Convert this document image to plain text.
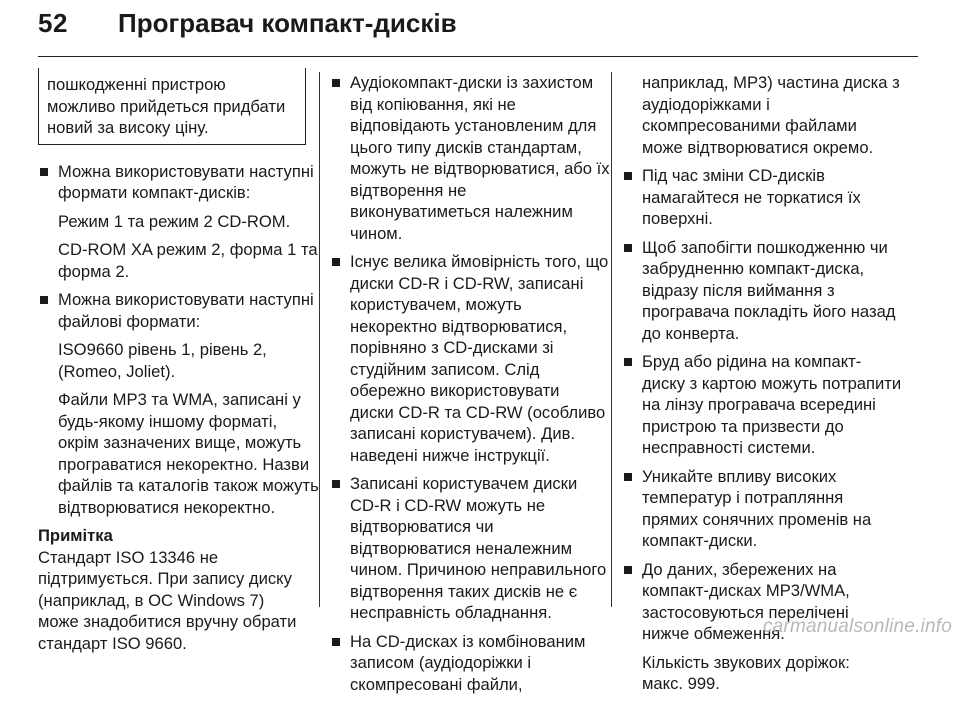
52 Програвач компакт-дисків
пошкодженні пристрою
можливо прийдеться придбати
новий за високу ціну.
Можна використовувати наступні
формати компакт-дисків:
Режим 1 та режим 2 CD-ROM.
CD-ROM XA режим 2, форма 1 та
форма 2.
Можна використовувати наступні
файлові формати:
ISO9660 рівень 1, рівень 2,
(Romeo, Joliet).
Файли MP3 та WMA, записані у
будь-якому іншому форматі,
окрім зазначених вище, можуть
програватися некоректно. Назви
файлів та каталогів також можуть
відтворюватися некоректно.
Примітка
Стандарт ISO 13346 не
підтримується. При запису диску
(наприклад, в ОС Windows 7)
може знадобитися вручну обрати
стандарт ISO 9660.
Аудіокомпакт-диски із захистом
від копіювання, які не
відповідають установленим для
цього типу дисків стандартам,
можуть не відтворюватися, або їх
відтворення не
виконуватиметься належним
чином.
Існує велика ймовірність того, що
диски CD-R і CD-RW, записані
користувачем, можуть
некоректно відтворюватися,
порівняно з CD-дисками зі
студійним записом. Слід
обережно використовувати
диски CD-R та CD-RW (особливо
записані користувачем). Див.
наведені нижче інструкції.
Записані користувачем диски
CD-R і CD-RW можуть не
відтворюватися чи
відтворюватися неналежним
чином. Причиною неправильного
відтворення таких дисків не є
несправність обладнання.
На CD-дисках із комбінованим
записом (аудіодоріжки і
скомпресовані файли,
наприклад, MP3) частина диска з
аудіодоріжками і
скомпресованими файлами
може відтворюватися окремо.
Під час зміни CD-дисків
намагайтеся не торкатися їх
поверхні.
Щоб запобігти пошкодженню чи
забрудненню компакт-диска,
відразу після виймання з
програвача покладіть його назад
до конверта.
Бруд або рідина на компакт-
диску з картою можуть потрапити
на лінзу програвача всередині
пристрою та призвести до
несправності системи.
Уникайте впливу високих
температур і потрапляння
прямих сонячних променів на
компакт-диски.
До даних, збережених на
компакт-дисках MP3/WMA,
застосовуються перелічені
нижче обмеження.
Кількість звукових доріжок:
макс. 999.
carmanualsonline.info
